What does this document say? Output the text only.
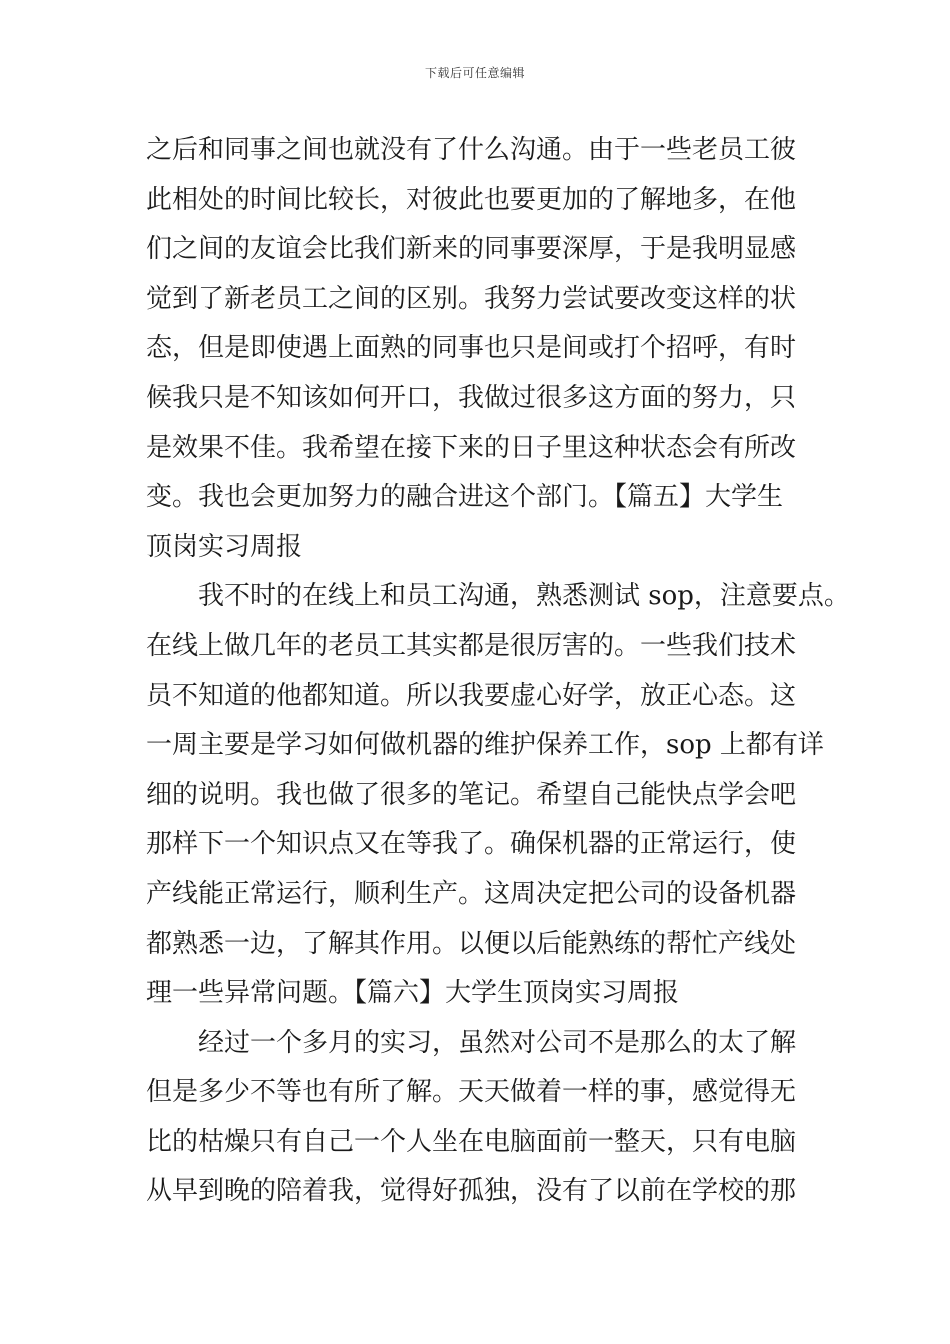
下载后可任意编辑
之后和同事之间也就没有了什么沟通。由于一些老员工彼
此相处的时间比较长，对彼此也要更加的了解地多，在他
们之间的友谊会比我们新来的同事要深厚，于是我明显感
觉到了新老员工之间的区别。我努力尝试要改变这样的状
态，但是即使遇上面熟的同事也只是间或打个招呼，有时
候我只是不知该如何开口，我做过很多这方面的努力，只
是效果不佳。我希望在接下来的日子里这种状态会有所改
变。我也会更加努力的融合进这个部门。【篇五】大学生
顶岗实习周报
我不时的在线上和员工沟通，熟悉测试 sop，注意要点。
在线上做几年的老员工其实都是很厉害的。一些我们技术
员不知道的他都知道。所以我要虚心好学，放正心态。这
一周主要是学习如何做机器的维护保养工作，sop 上都有详
细的说明。我也做了很多的笔记。希望自己能快点学会吧
那样下一个知识点又在等我了。确保机器的正常运行，使
产线能正常运行，顺利生产。这周决定把公司的设备机器
都熟悉一边，了解其作用。以便以后能熟练的帮忙产线处
理一些异常问题。【篇六】大学生顶岗实习周报
经过一个多月的实习，虽然对公司不是那么的太了解
但是多少不等也有所了解。天天做着一样的事，感觉得无
比的枯燥只有自己一个人坐在电脑面前一整天，只有电脑
从早到晚的陪着我，觉得好孤独，没有了以前在学校的那
